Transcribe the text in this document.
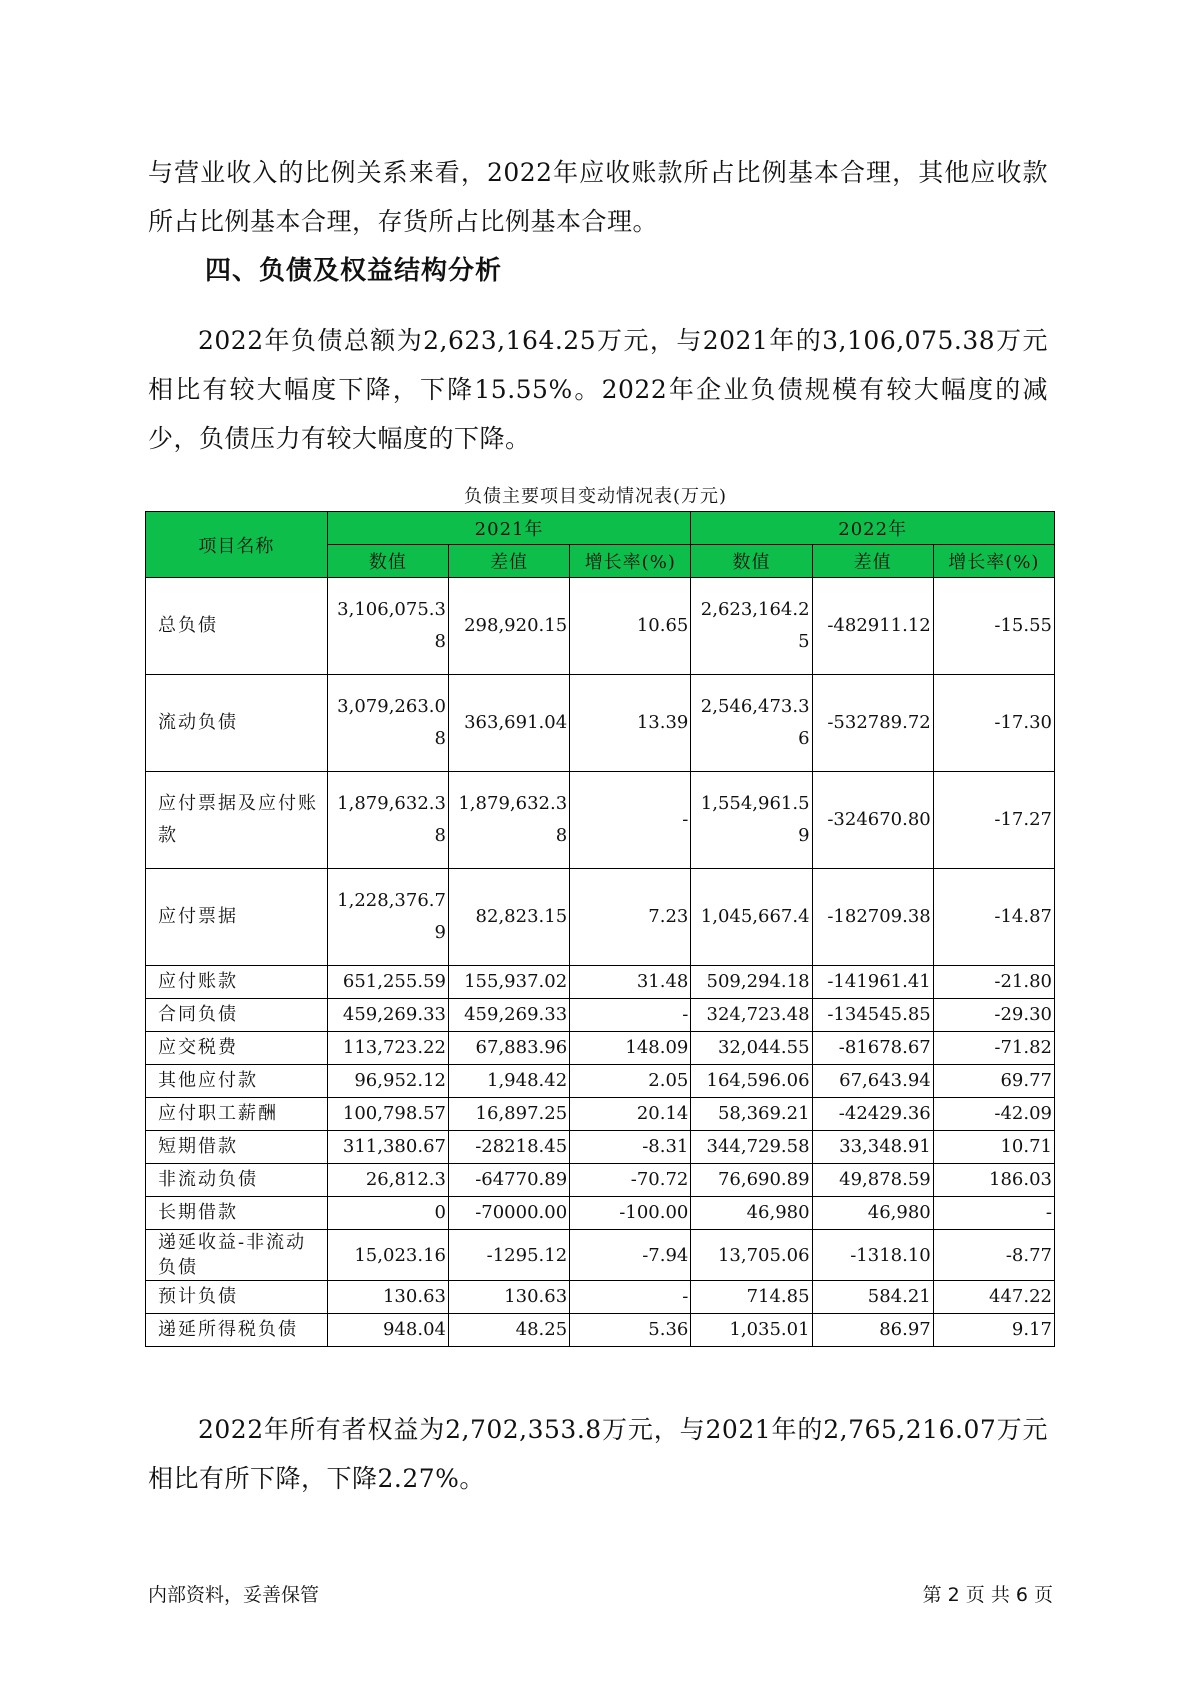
与营业收入的比例关系来看，2022年应收账款所占比例基本合理，其他应收款所占比例基本合理，存货所占比例基本合理。

四、负债及权益结构分析

2022年负债总额为2,623,164.25万元，与2021年的3,106,075.38万元相比有较大幅度下降，下降15.55%。2022年企业负债规模有较大幅度的减少，负债压力有较大幅度的下降。

负债主要项目变动情况表(万元)
项目名称	2021年			2022年		
	数值	差值	增长率(%)	数值	差值	增长率(%)
总负债	3,106,075.38	298,920.15	10.65	2,623,164.25	-482911.12	-15.55
流动负债	3,079,263.08	363,691.04	13.39	2,546,473.36	-532789.72	-17.30
应付票据及应付账款	1,879,632.38	1,879,632.38	-	1,554,961.59	-324670.80	-17.27
应付票据	1,228,376.79	82,823.15	7.23	1,045,667.4	-182709.38	-14.87
应付账款	651,255.59	155,937.02	31.48	509,294.18	-141961.41	-21.80
合同负债	459,269.33	459,269.33	-	324,723.48	-134545.85	-29.30
应交税费	113,723.22	67,883.96	148.09	32,044.55	-81678.67	-71.82
其他应付款	96,952.12	1,948.42	2.05	164,596.06	67,643.94	69.77
应付职工薪酬	100,798.57	16,897.25	20.14	58,369.21	-42429.36	-42.09
短期借款	311,380.67	-28218.45	-8.31	344,729.58	33,348.91	10.71
非流动负债	26,812.3	-64770.89	-70.72	76,690.89	49,878.59	186.03
长期借款	0	-70000.00	-100.00	46,980	46,980	-
递延收益-非流动负债	15,023.16	-1295.12	-7.94	13,705.06	-1318.10	-8.77
预计负债	130.63	130.63	-	714.85	584.21	447.22
递延所得税负债	948.04	48.25	5.36	1,035.01	86.97	9.17

2022年所有者权益为2,702,353.8万元，与2021年的2,765,216.07万元相比有所下降，下降2.27%。

内部资料，妥善保管	第 2 页 共 6 页
